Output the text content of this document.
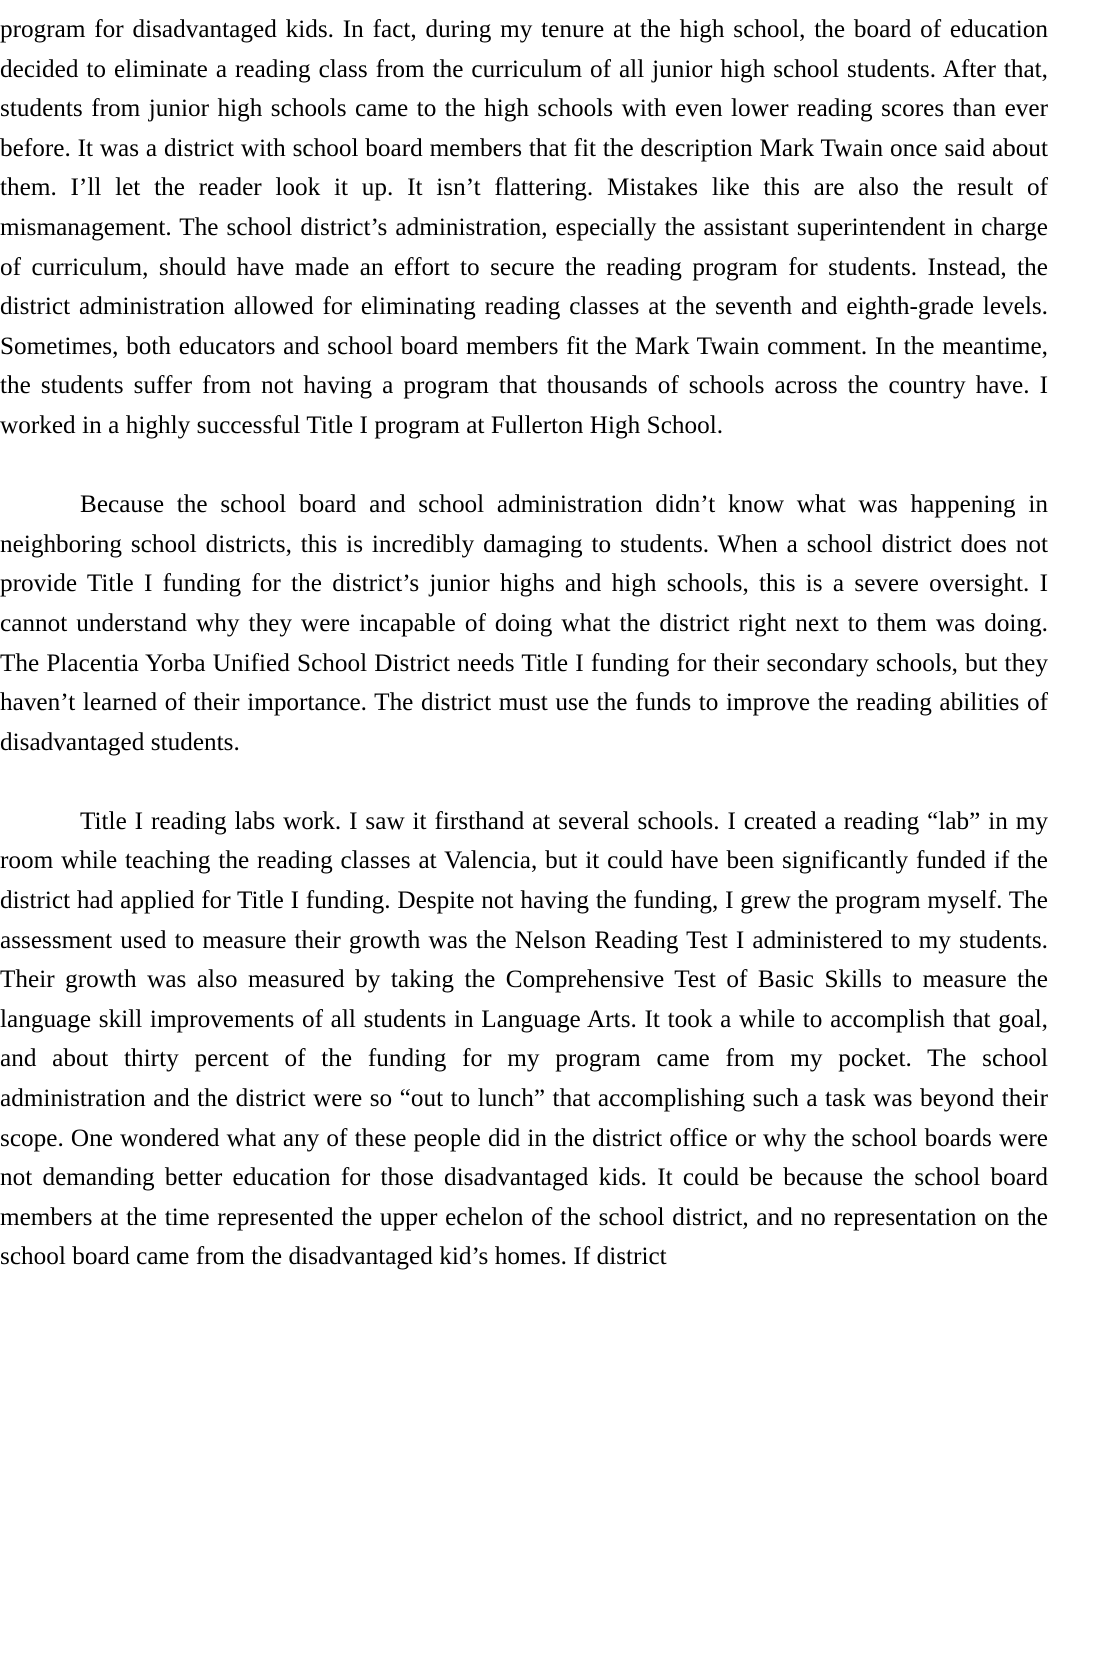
program for disadvantaged kids. In fact, during my tenure at the high school, the board of education decided to eliminate a reading class from the curriculum of all junior high school students. After that, students from junior high schools came to the high schools with even lower reading scores than ever before. It was a district with school board members that fit the description Mark Twain once said about them. I’ll let the reader look it up. It isn’t flattering. Mistakes like this are also the result of mismanagement. The school district’s administration, especially the assistant superintendent in charge of curriculum, should have made an effort to secure the reading program for students. Instead, the district administration allowed for eliminating reading classes at the seventh and eighth-grade levels. Sometimes, both educators and school board members fit the Mark Twain comment. In the meantime, the students suffer from not having a program that thousands of schools across the country have. I worked in a highly successful Title I program at Fullerton High School.

Because the school board and school administration didn’t know what was happening in neighboring school districts, this is incredibly damaging to students. When a school district does not provide Title I funding for the district’s junior highs and high schools, this is a severe oversight. I cannot understand why they were incapable of doing what the district right next to them was doing. The Placentia Yorba Unified School District needs Title I funding for their secondary schools, but they haven’t learned of their importance. The district must use the funds to improve the reading abilities of disadvantaged students.

Title I reading labs work. I saw it firsthand at several schools. I created a reading “lab” in my room while teaching the reading classes at Valencia, but it could have been significantly funded if the district had applied for Title I funding. Despite not having the funding, I grew the program myself. The assessment used to measure their growth was the Nelson Reading Test I administered to my students. Their growth was also measured by taking the Comprehensive Test of Basic Skills to measure the language skill improvements of all students in Language Arts. It took a while to accomplish that goal, and about thirty percent of the funding for my program came from my pocket. The school administration and the district were so “out to lunch” that accomplishing such a task was beyond their scope. One wondered what any of these people did in the district office or why the school boards were not demanding better education for those disadvantaged kids. It could be because the school board members at the time represented the upper echelon of the school district, and no representation on the school board came from the disadvantaged kid’s homes. If district
